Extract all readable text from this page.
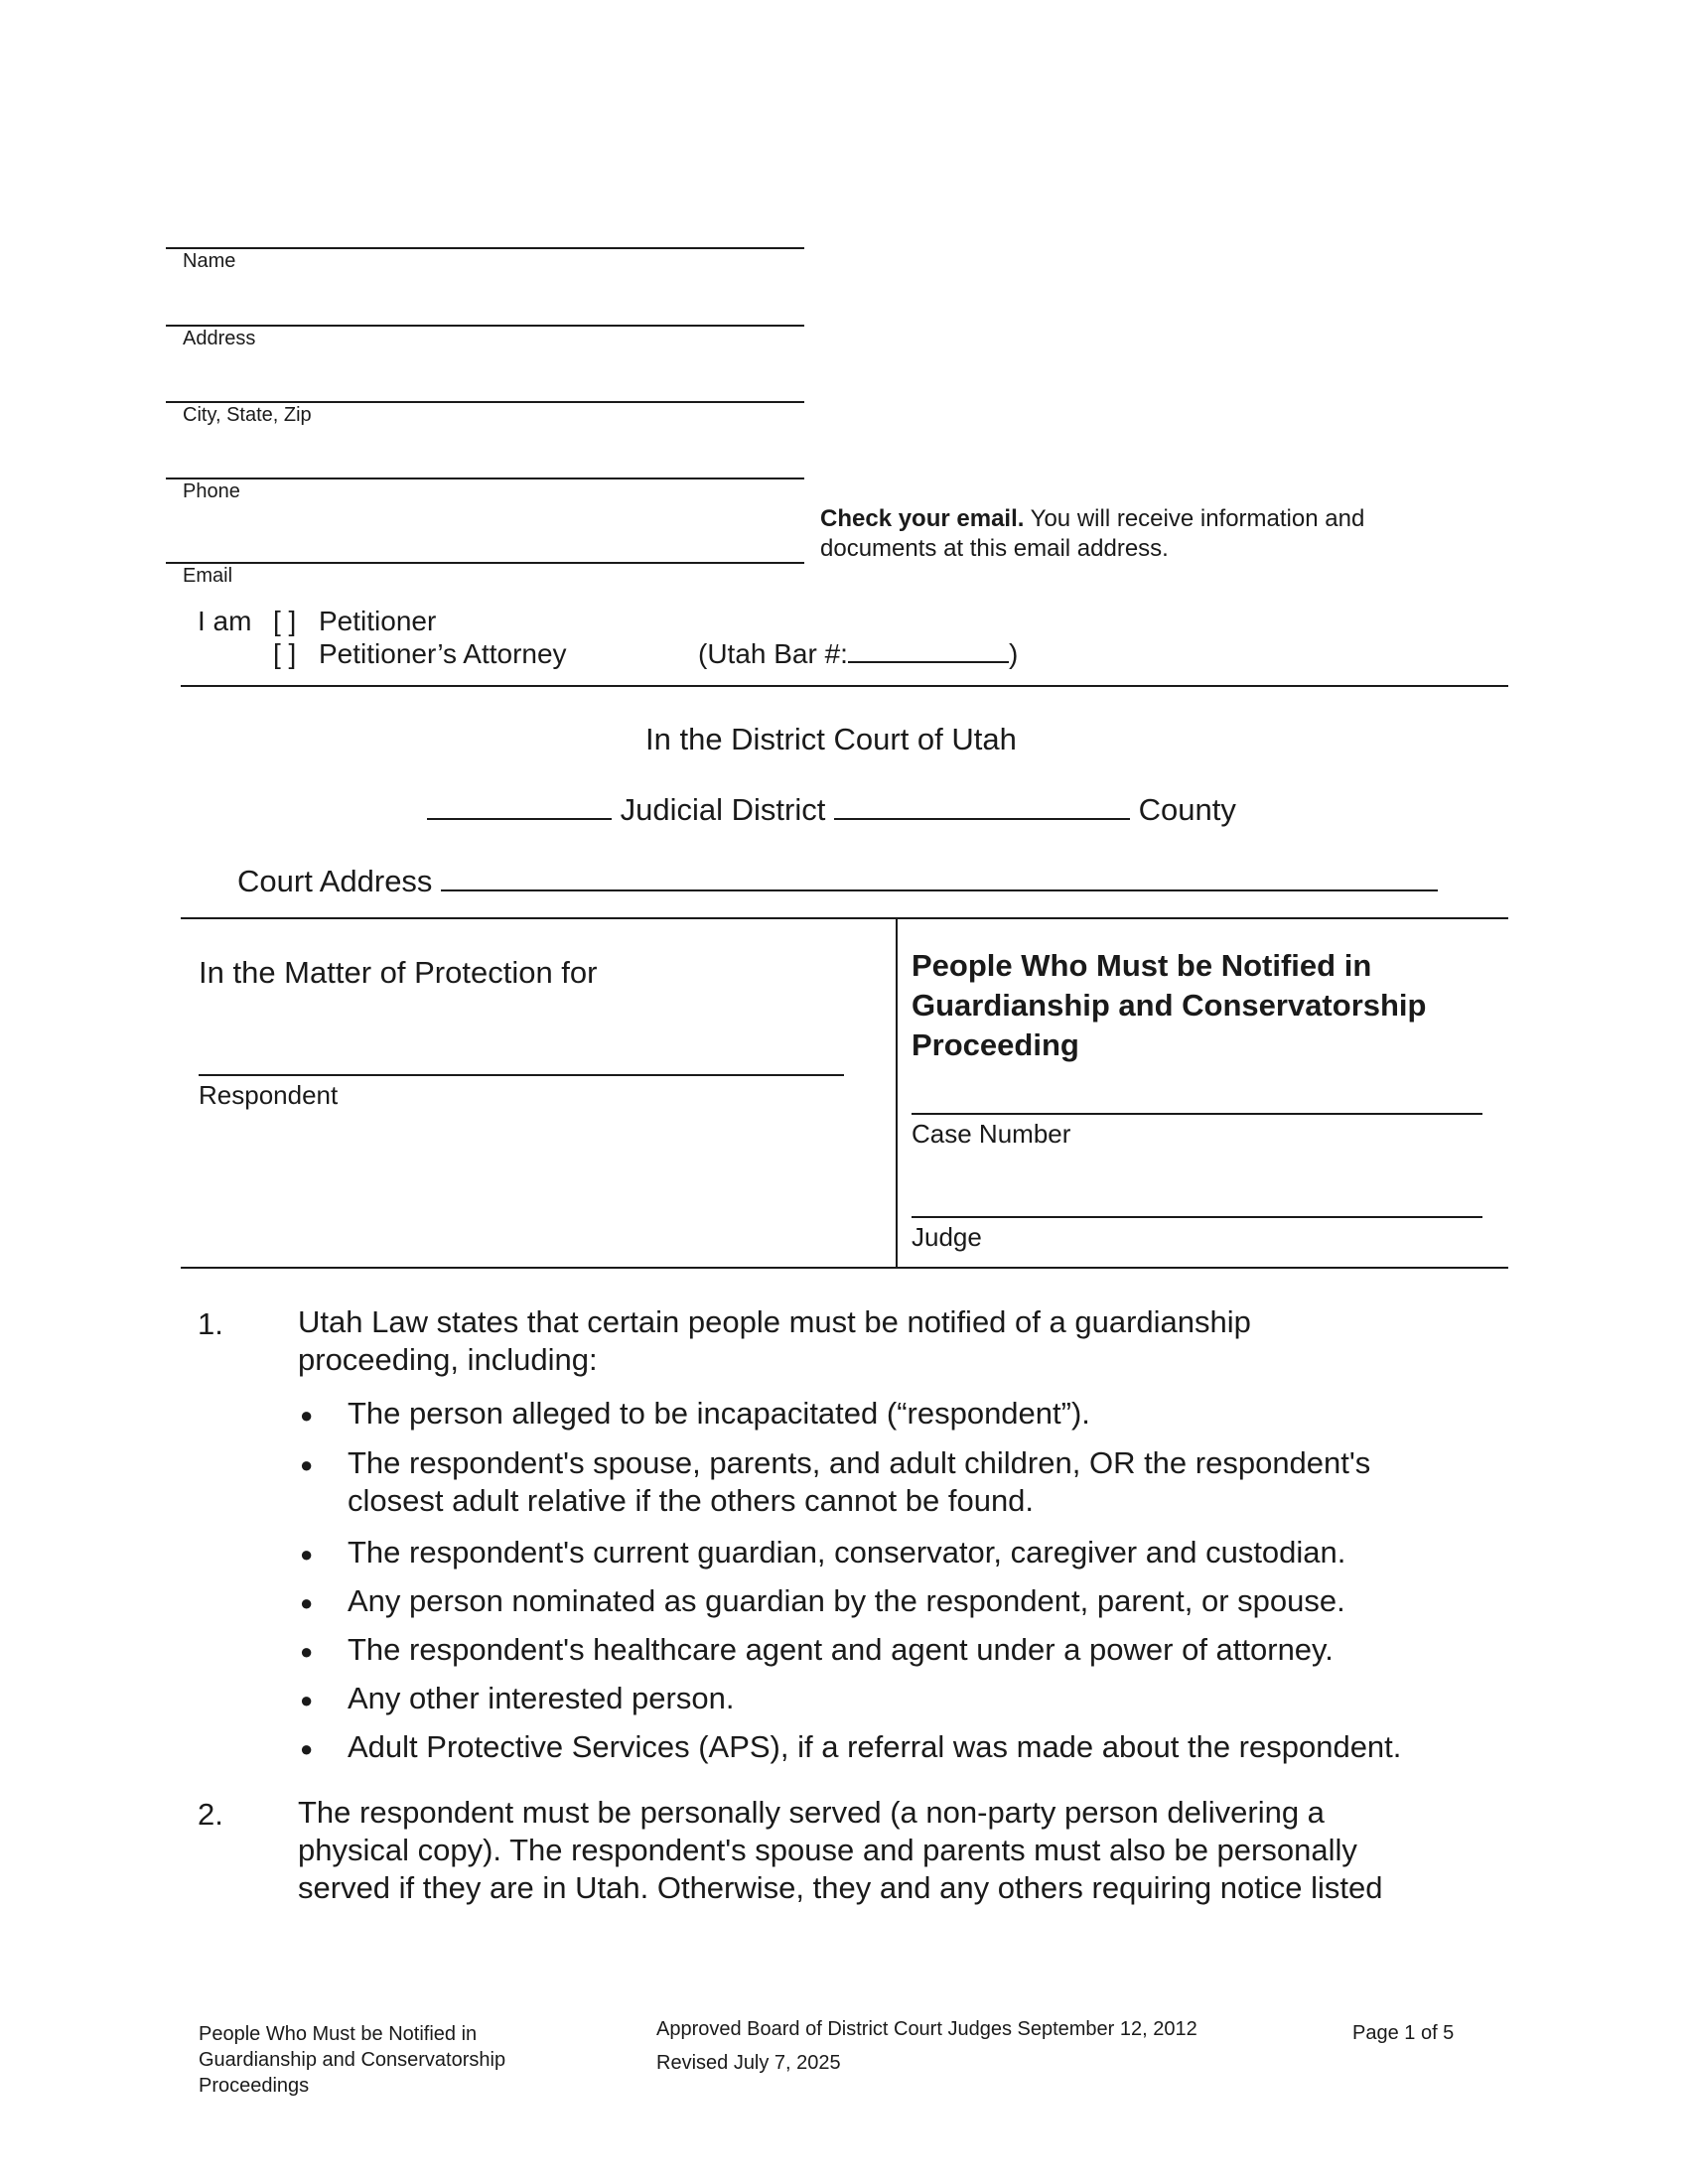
Name
Address
City, State, Zip
Phone
Email
Check your email. You will receive information and
documents at this email address.
I am [ ] Petitioner
[ ] Petitioner’s Attorney	(Utah Bar #:	)
In the District Court of Utah
Judicial District	County
Court Address
In the Matter of Protection for
Respondent
People Who Must be Notified in
Guardianship and Conservatorship
Proceeding
Case Number
Judge
1. Utah Law states that certain people must be notified of a guardianship
proceeding, including:
● The person alleged to be incapacitated (“respondent”).
● The respondent's spouse, parents, and adult children, OR the respondent's
closest adult relative if the others cannot be found.
● The respondent's current guardian, conservator, caregiver and custodian.
● Any person nominated as guardian by the respondent, parent, or spouse.
● The respondent's healthcare agent and agent under a power of attorney.
● Any other interested person.
● Adult Protective Services (APS), if a referral was made about the respondent.
2. The respondent must be personally served (a non-party person delivering a
physical copy). The respondent's spouse and parents must also be personally
served if they are in Utah. Otherwise, they and any others requiring notice listed
People Who Must be Notified in
Guardianship and Conservatorship
Proceedings
Approved Board of District Court Judges September 12, 2012
Revised July 7, 2025
Page 1 of 5
